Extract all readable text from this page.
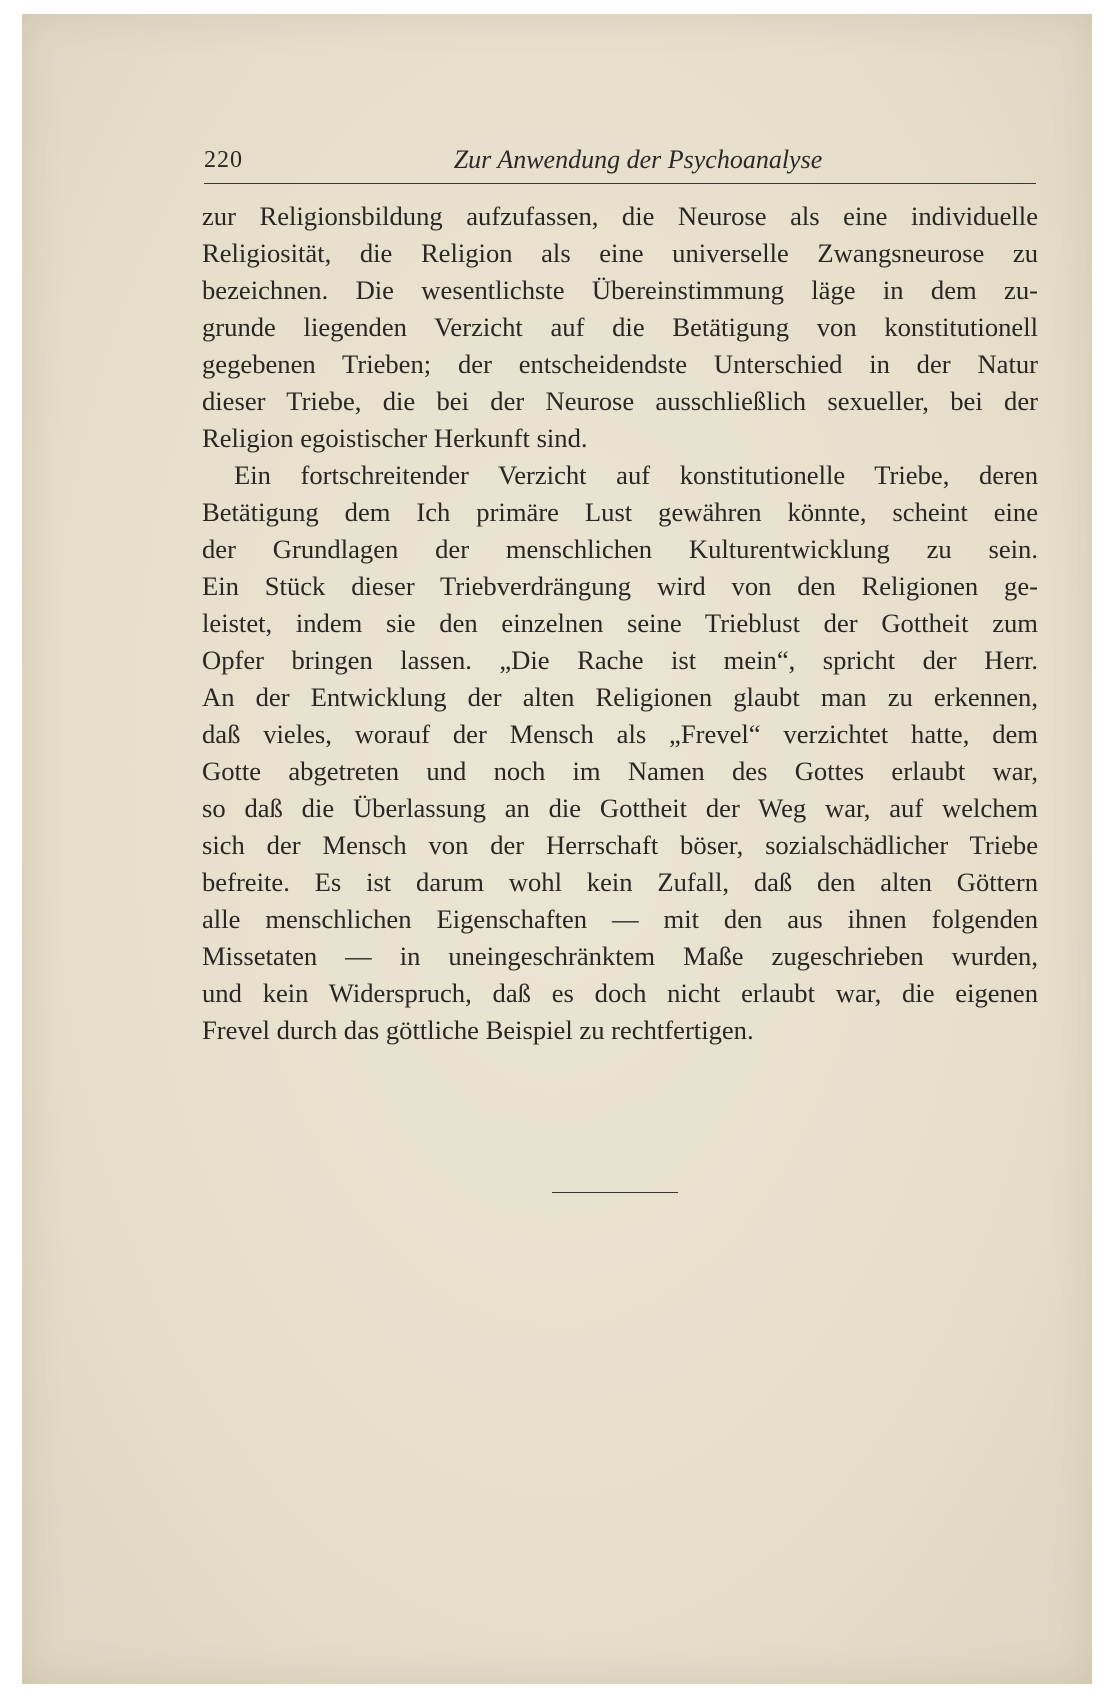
220	Zur Anwendung der Psychoanalyse
zur Religionsbildung aufzufassen, die Neurose als eine individuelle
Religiosität, die Religion als eine universelle Zwangsneurose zu
bezeichnen. Die wesentlichste Übereinstimmung läge in dem zu-
grunde liegenden Verzicht auf die Betätigung von konstitutionell
gegebenen Trieben; der entscheidendste Unterschied in der Natur
dieser Triebe, die bei der Neurose ausschließlich sexueller, bei der
Religion egoistischer Herkunft sind.
Ein fortschreitender Verzicht auf konstitutionelle Triebe, deren
Betätigung dem Ich primäre Lust gewähren könnte, scheint eine
der Grundlagen der menschlichen Kulturentwicklung zu sein.
Ein Stück dieser Triebverdrängung wird von den Religionen ge-
leistet, indem sie den einzelnen seine Trieblust der Gottheit zum
Opfer bringen lassen. „Die Rache ist mein“, spricht der Herr.
An der Entwicklung der alten Religionen glaubt man zu erkennen,
daß vieles, worauf der Mensch als „Frevel“ verzichtet hatte, dem
Gotte abgetreten und noch im Namen des Gottes erlaubt war,
so daß die Überlassung an die Gottheit der Weg war, auf welchem
sich der Mensch von der Herrschaft böser, sozialschädlicher Triebe
befreite. Es ist darum wohl kein Zufall, daß den alten Göttern
alle menschlichen Eigenschaften — mit den aus ihnen folgenden
Missetaten — in uneingeschränktem Maße zugeschrieben wurden,
und kein Widerspruch, daß es doch nicht erlaubt war, die eigenen
Frevel durch das göttliche Beispiel zu rechtfertigen.
